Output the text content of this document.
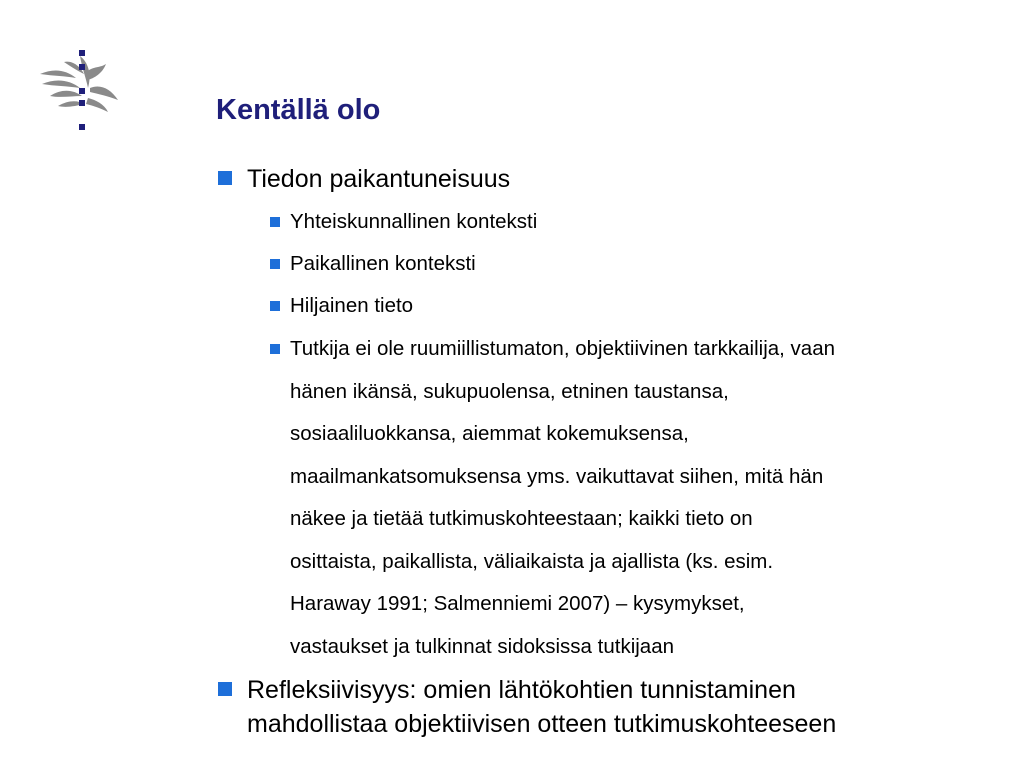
Kentällä olo
Tiedon paikantuneisuus
Yhteiskunnallinen konteksti
Paikallinen konteksti
Hiljainen tieto
Tutkija ei ole ruumiillistumaton, objektiivinen tarkkailija, vaan
hänen ikänsä, sukupuolensa, etninen taustansa,
sosiaaliluokkansa, aiemmat kokemuksensa,
maailmankatsomuksensa yms. vaikuttavat siihen, mitä hän
näkee ja tietää tutkimuskohteestaan; kaikki tieto on
osittaista, paikallista, väliaikaista ja ajallista (ks. esim.
Haraway 1991; Salmenniemi 2007) – kysymykset,
vastaukset ja tulkinnat sidoksissa tutkijaan
Refleksiivisyys: omien lähtökohtien tunnistaminen
mahdollistaa objektiivisen otteen tutkimuskohteeseen
